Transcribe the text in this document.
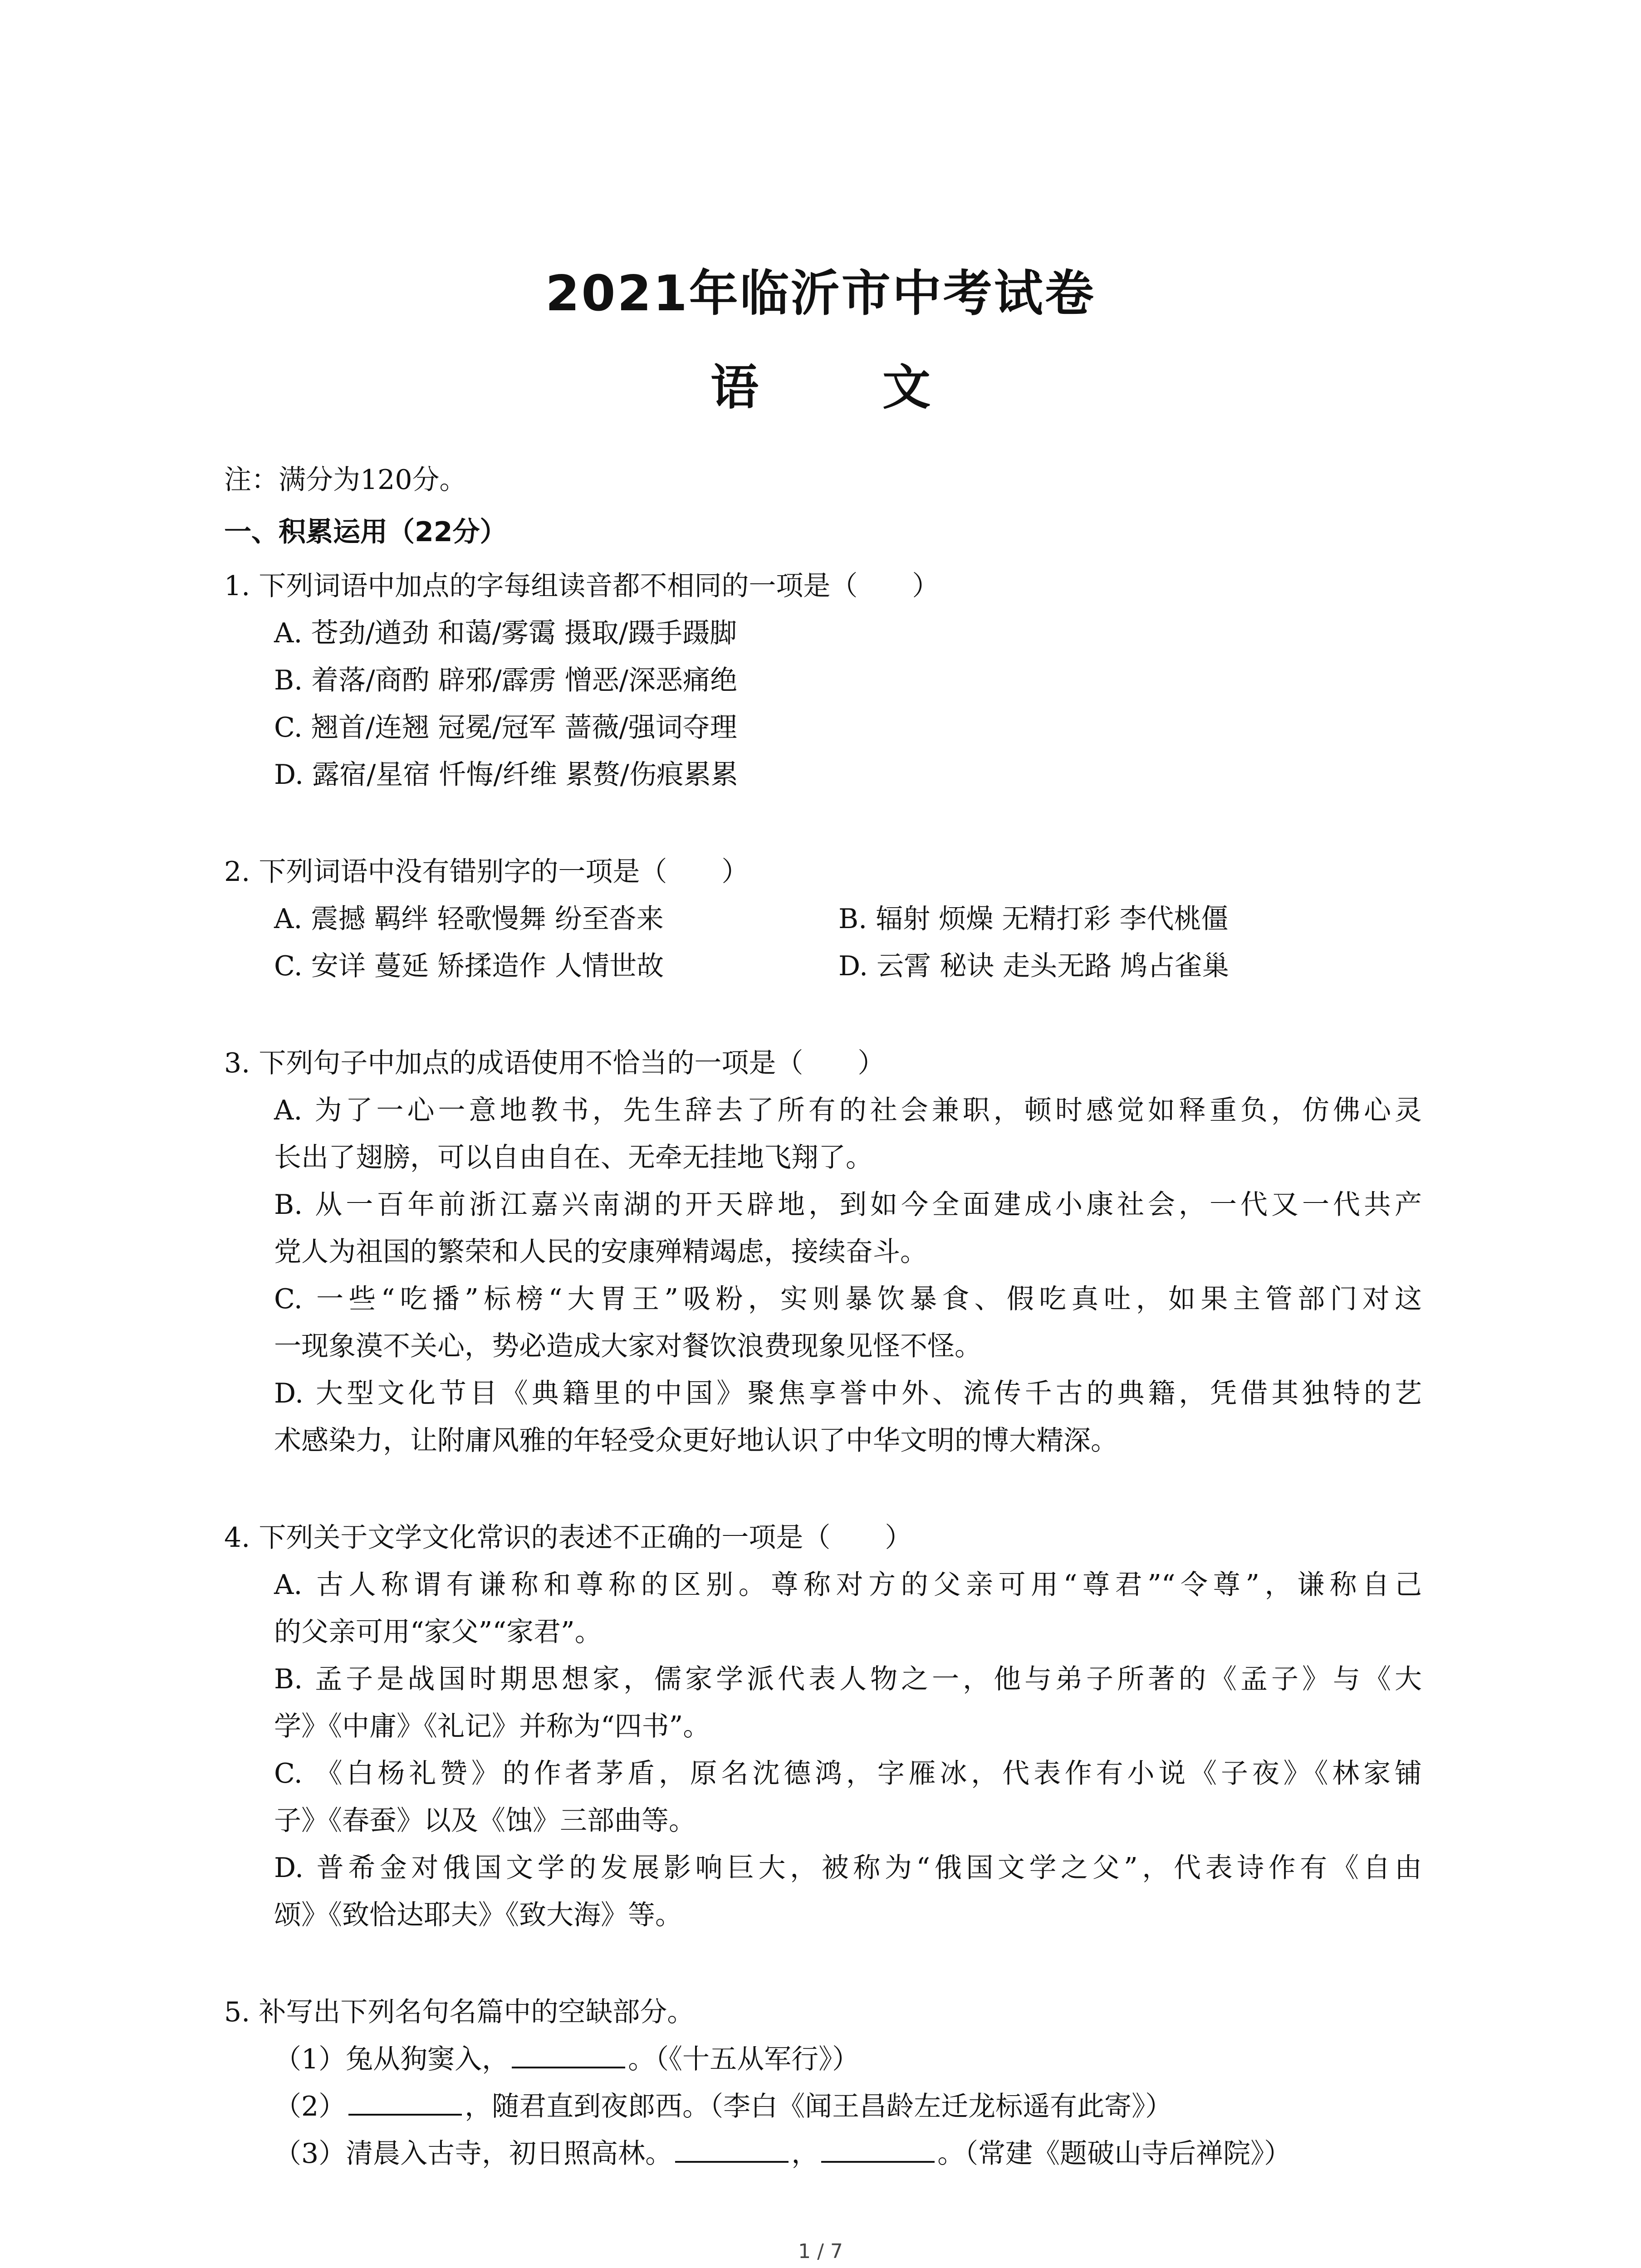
2021年临沂市中考试卷
语 文
注：满分为120分。
一、积累运用（22分）
1. 下列词语中加点的字每组读音都不相同的一项是（　　）
A. 苍劲/遒劲 和蔼/雾霭 摄取/蹑手蹑脚
B. 着落/商酌 辟邪/霹雳 憎恶/深恶痛绝
C. 翘首/连翘 冠冕/冠军 蔷薇/强词夺理
D. 露宿/星宿 忏悔/纤维 累赘/伤痕累累
2. 下列词语中没有错别字的一项是（　　）
A. 震撼 羁绊 轻歌慢舞 纷至沓来	B. 辐射 烦燥 无精打彩 李代桃僵
C. 安详 蔓延 矫揉造作 人情世故	D. 云霄 秘诀 走头无路 鸠占雀巢
3. 下列句子中加点的成语使用不恰当的一项是（　　）
A. 为了一心一意地教书，先生辞去了所有的社会兼职，顿时感觉如释重负，仿佛心灵
长出了翅膀，可以自由自在、无牵无挂地飞翔了。
B. 从一百年前浙江嘉兴南湖的开天辟地，到如今全面建成小康社会，一代又一代共产
党人为祖国的繁荣和人民的安康殚精竭虑，接续奋斗。
C. 一些“吃播”标榜“大胃王”吸粉，实则暴饮暴食、假吃真吐，如果主管部门对这
一现象漠不关心，势必造成大家对餐饮浪费现象见怪不怪。
D. 大型文化节目《典籍里的中国》聚焦享誉中外、流传千古的典籍，凭借其独特的艺
术感染力，让附庸风雅的年轻受众更好地认识了中华文明的博大精深。
4. 下列关于文学文化常识的表述不正确的一项是（　　）
A. 古人称谓有谦称和尊称的区别。尊称对方的父亲可用“尊君”“令尊”，谦称自己
的父亲可用“家父”“家君”。
B. 孟子是战国时期思想家，儒家学派代表人物之一，他与弟子所著的《孟子》与《大
学》《中庸》《礼记》并称为“四书”。
C. 《白杨礼赞》的作者茅盾，原名沈德鸿，字雁冰，代表作有小说《子夜》《林家铺
子》《春蚕》以及《蚀》三部曲等。
D. 普希金对俄国文学的发展影响巨大，被称为“俄国文学之父”，代表诗作有《自由
颂》《致恰达耶夫》《致大海》等。
5. 补写出下列名句名篇中的空缺部分。
（1）兔从狗窦入，	。（《十五从军行》）
（2）	，随君直到夜郎西。（李白《闻王昌龄左迁龙标遥有此寄》）
（3）清晨入古寺，初日照高林。	，	。（常建《题破山寺后禅院》）
1 / 7
